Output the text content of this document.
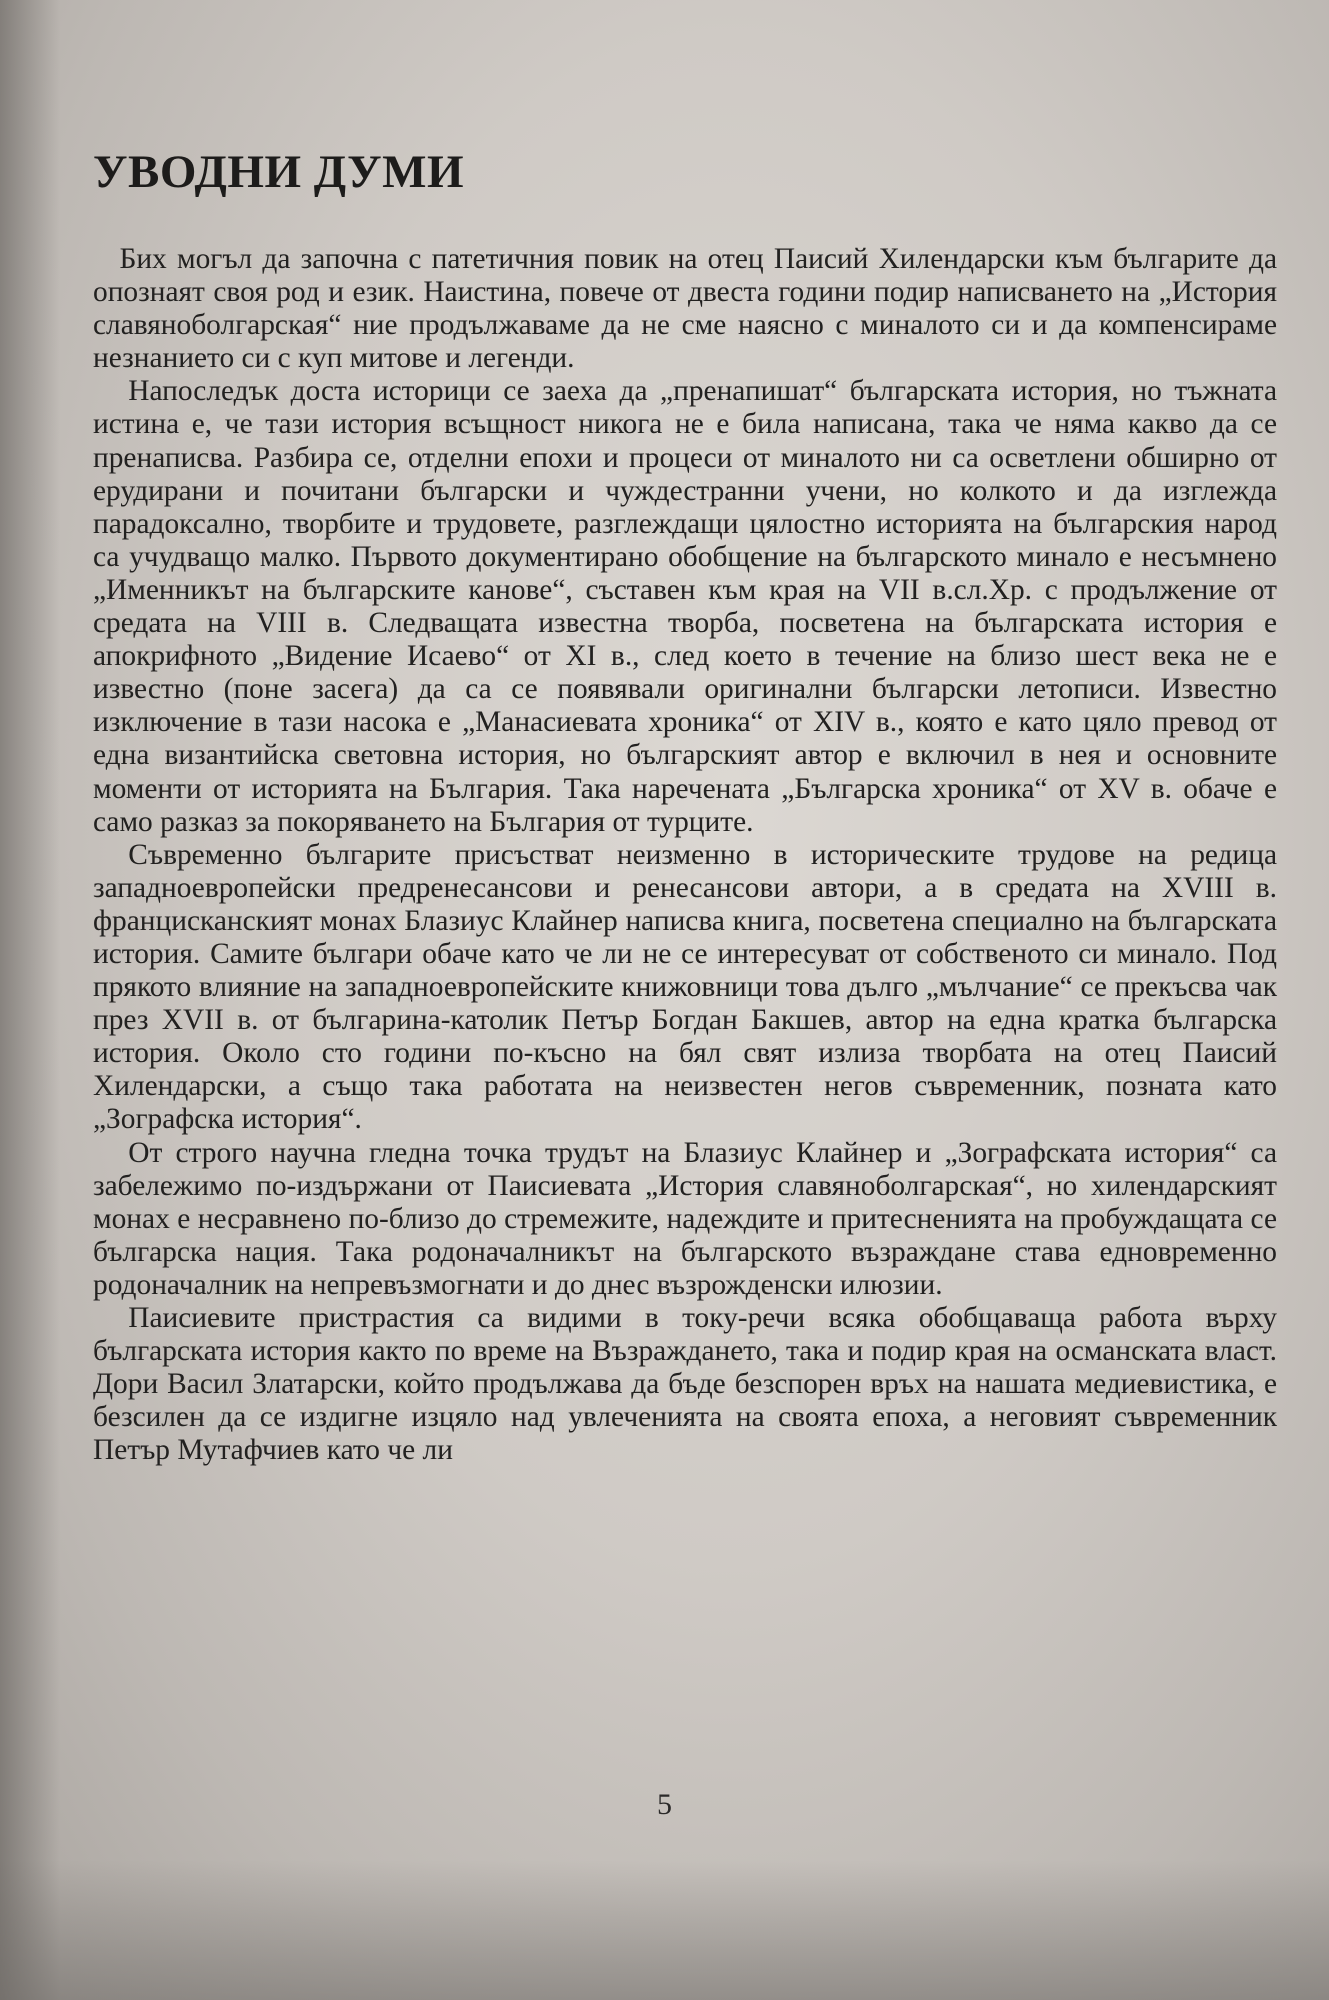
УВОДНИ ДУМИ

Бих могъл да започна с патетичния повик на отец Паисий Хилендарски към българите да опознаят своя род и език. Наистина, повече от двеста години подир написването на „История славяноболгарская“ ние продължаваме да не сме наясно с миналото си и да компенсираме незнанието си с куп митове и легенди.

Напоследък доста историци се заеха да „пренапишат“ българската история, но тъжната истина е, че тази история всъщност никога не е била написана, така че няма какво да се пренаписва. Разбира се, отделни епохи и процеси от миналото ни са осветлени обширно от ерудирани и почитани български и чуждестранни учени, но колкото и да изглежда парадоксално, творбите и трудовете, разглеждащи цялостно историята на българския народ са учудващо малко. Първото документирано обобщение на българското минало е несъмнено „Именникът на българските канове“, съставен към края на VII в.сл.Хр. с продължение от средата на VIII в. Следващата известна творба, посветена на българската история е апокрифното „Видение Исаево“ от XI в., след което в течение на близо шест века не е известно (поне засега) да са се появявали оригинални български летописи. Известно изключение в тази насока е „Манасиевата хроника“ от XIV в., която е като цяло превод от една византийска световна история, но българският автор е включил в нея и основните моменти от историята на България. Така наречената „Българска хроника“ от XV в. обаче е само разказ за покоряването на България от турците.

Съвременно българите присъстват неизменно в историческите трудове на редица западноевропейски предренесансови и ренесансови автори, а в средата на XVIII в. францисканският монах Блазиус Клайнер написва книга, посветена специално на българската история. Самите българи обаче като че ли не се интересуват от собственото си минало. Под прякото влияние на западноевропейските книжовници това дълго „мълчание“ се прекъсва чак през XVII в. от българина-католик Петър Богдан Бакшев, автор на една кратка българска история. Около сто години по-късно на бял свят излиза творбата на отец Паисий Хилендарски, а също така работата на неизвестен негов съвременник, позната като „Зографска история“.

От строго научна гледна точка трудът на Блазиус Клайнер и „Зографската история“ са забележимо по-издържани от Паисиевата „История славяноболгарская“, но хилендарският монах е несравнено по-близо до стремежите, надеждите и притесненията на пробуждащата се българска нация. Така родоначалникът на българското възраждане става едновременно родоначалник на непревъзмогнати и до днес възрожденски илюзии.

Паисиевите пристрастия са видими в току-речи всяка обобщаваща работа върху българската история както по време на Възраждането, така и подир края на османската власт. Дори Васил Златарски, който продължава да бъде безспорен връх на нашата медиевистика, е безсилен да се издигне изцяло над увлеченията на своята епоха, а неговият съвременник Петър Мутафчиев като че ли

5
